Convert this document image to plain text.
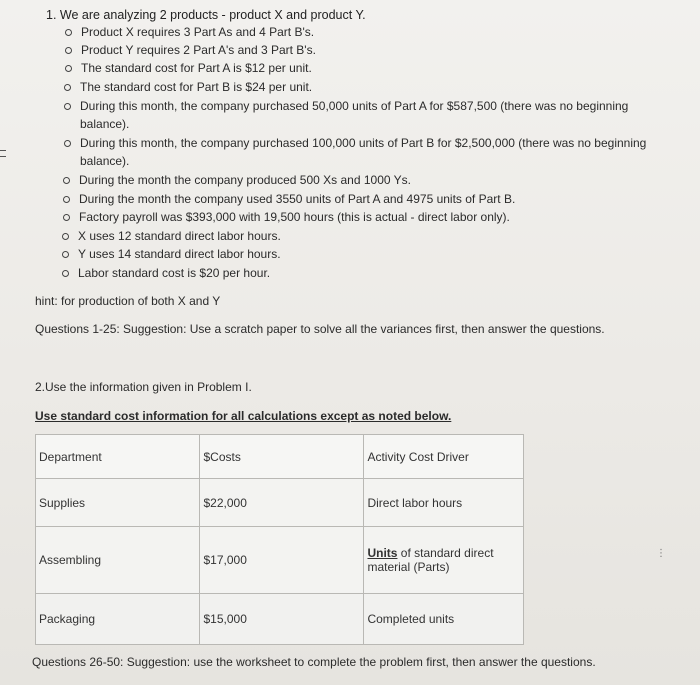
1. We are analyzing 2 products - product X and product Y.
Product X requires 3 Part As and 4 Part B's.
Product Y requires 2 Part A's and 3 Part B's.
The standard cost for Part A is $12 per unit.
The standard cost for Part B is $24 per unit.
During this month, the company purchased 50,000 units of Part A for $587,500 (there was no beginning
balance).
During this month, the company purchased 100,000 units of Part B for $2,500,000 (there was no beginning
balance).
During the month the company produced 500 Xs and 1000 Ys.
During the month the company used 3550 units of Part A and 4975 units of Part B.
Factory payroll was $393,000 with 19,500 hours (this is actual - direct labor only).
X uses 12 standard direct labor hours.
Y uses 14 standard direct labor hours.
Labor standard cost is $20 per hour.
hint: for production of both X and Y
Questions 1-25: Suggestion: Use a scratch paper to solve all the variances first, then answer the questions.
2.Use the information given in Problem I.
Use standard cost information for all calculations except as noted below.
Department	$Costs	Activity Cost Driver
Supplies	$22,000	Direct labor hours
Assembling	$17,000	Units of standard direct
material (Parts)
Packaging	$15,000	Completed units
⋮
Questions 26-50: Suggestion: use the worksheet to complete the problem first, then answer the questions.
